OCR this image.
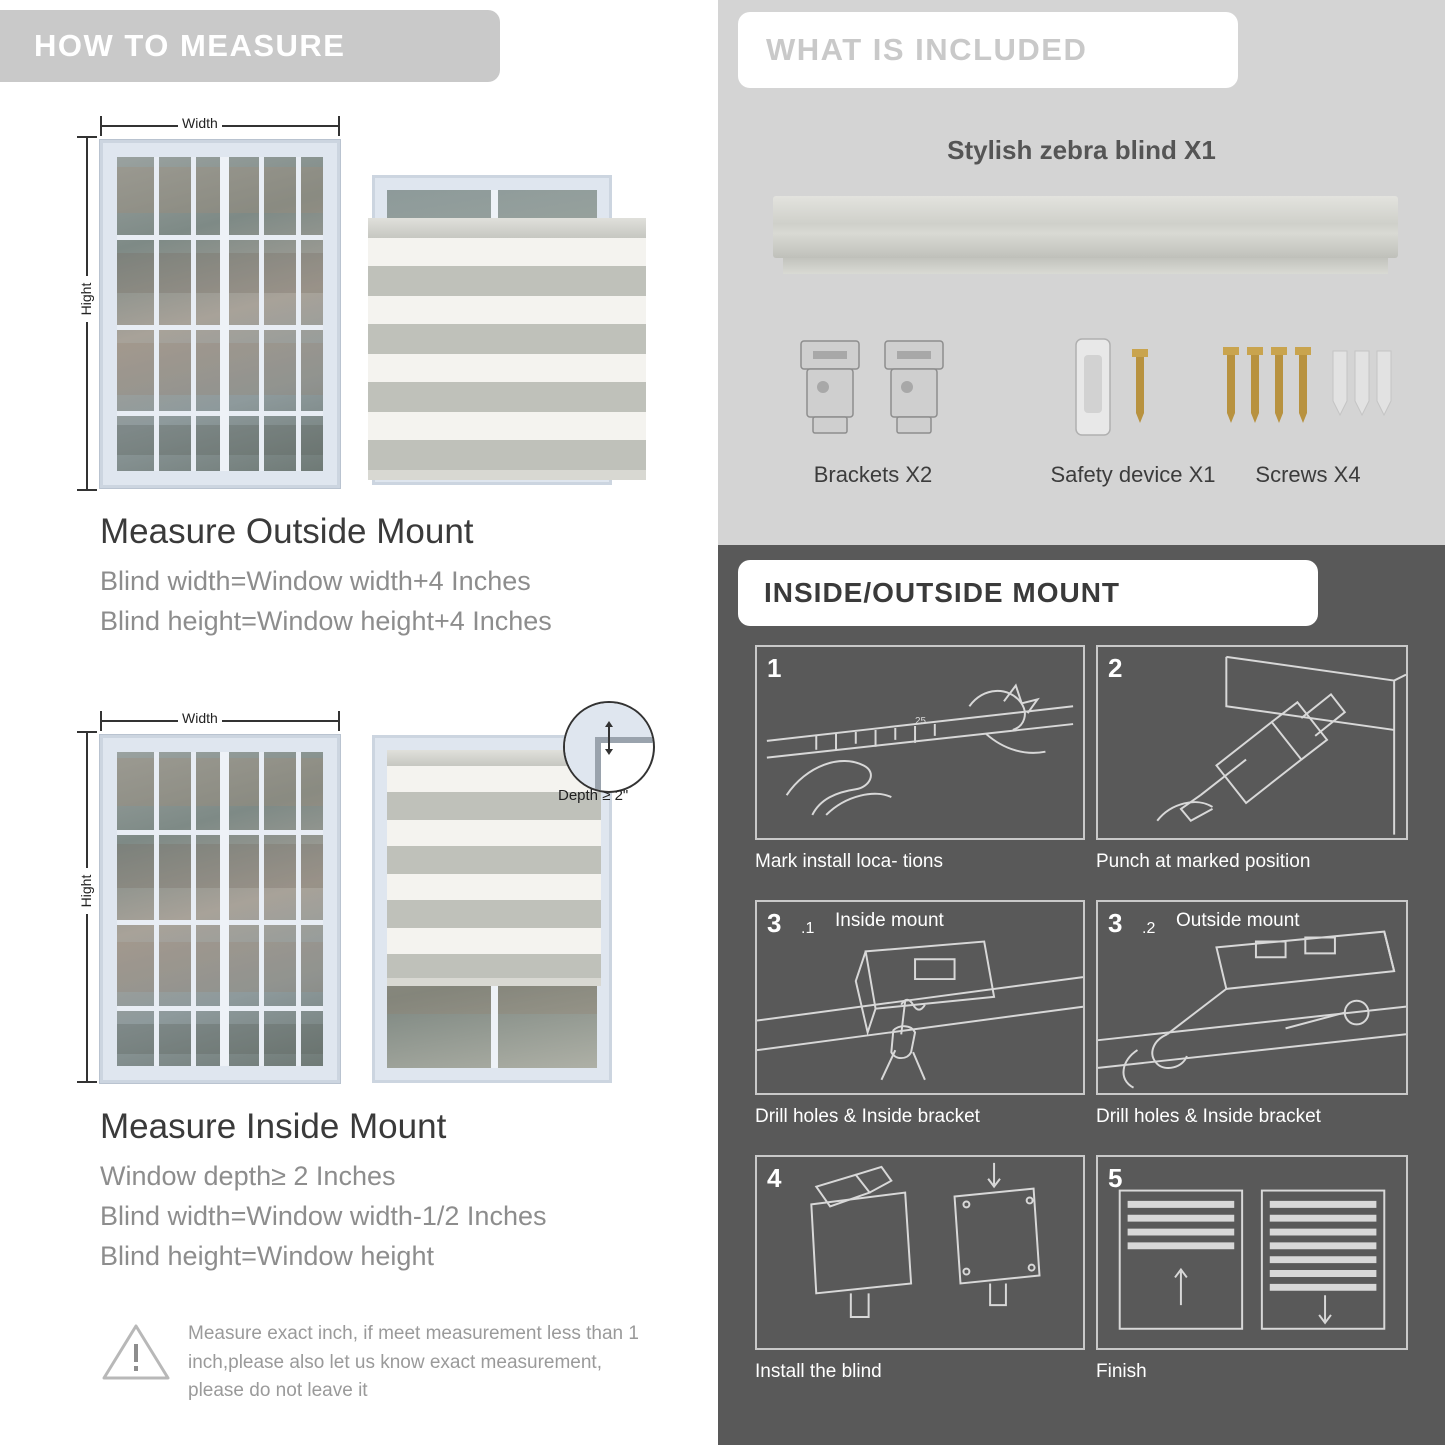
HOW TO MEASURE
Width
Hight
Measure Outside Mount
Blind width=Window width+4 Inches
Blind height=Window height+4 Inches
Width
Hight
Depth ≥ 2"
Measure Inside Mount
Window depth≥ 2 Inches
Blind width=Window width-1/2 Inches
Blind height=Window height
Measure exact inch, if meet measurement less than 1 inch,please also let us know exact measurement, please do not leave it
WHAT IS INCLUDED
Stylish zebra blind X1
Brackets X2	Safety device X1	Screws X4
INSIDE/OUTSIDE MOUNT
1
25
Mark install loca- tions
2
Punch at marked position
3 .1 Inside mount
Drill holes & Inside bracket
3 .2 Outside mount
Drill holes & Inside bracket
4
Install the blind
5
Finish
